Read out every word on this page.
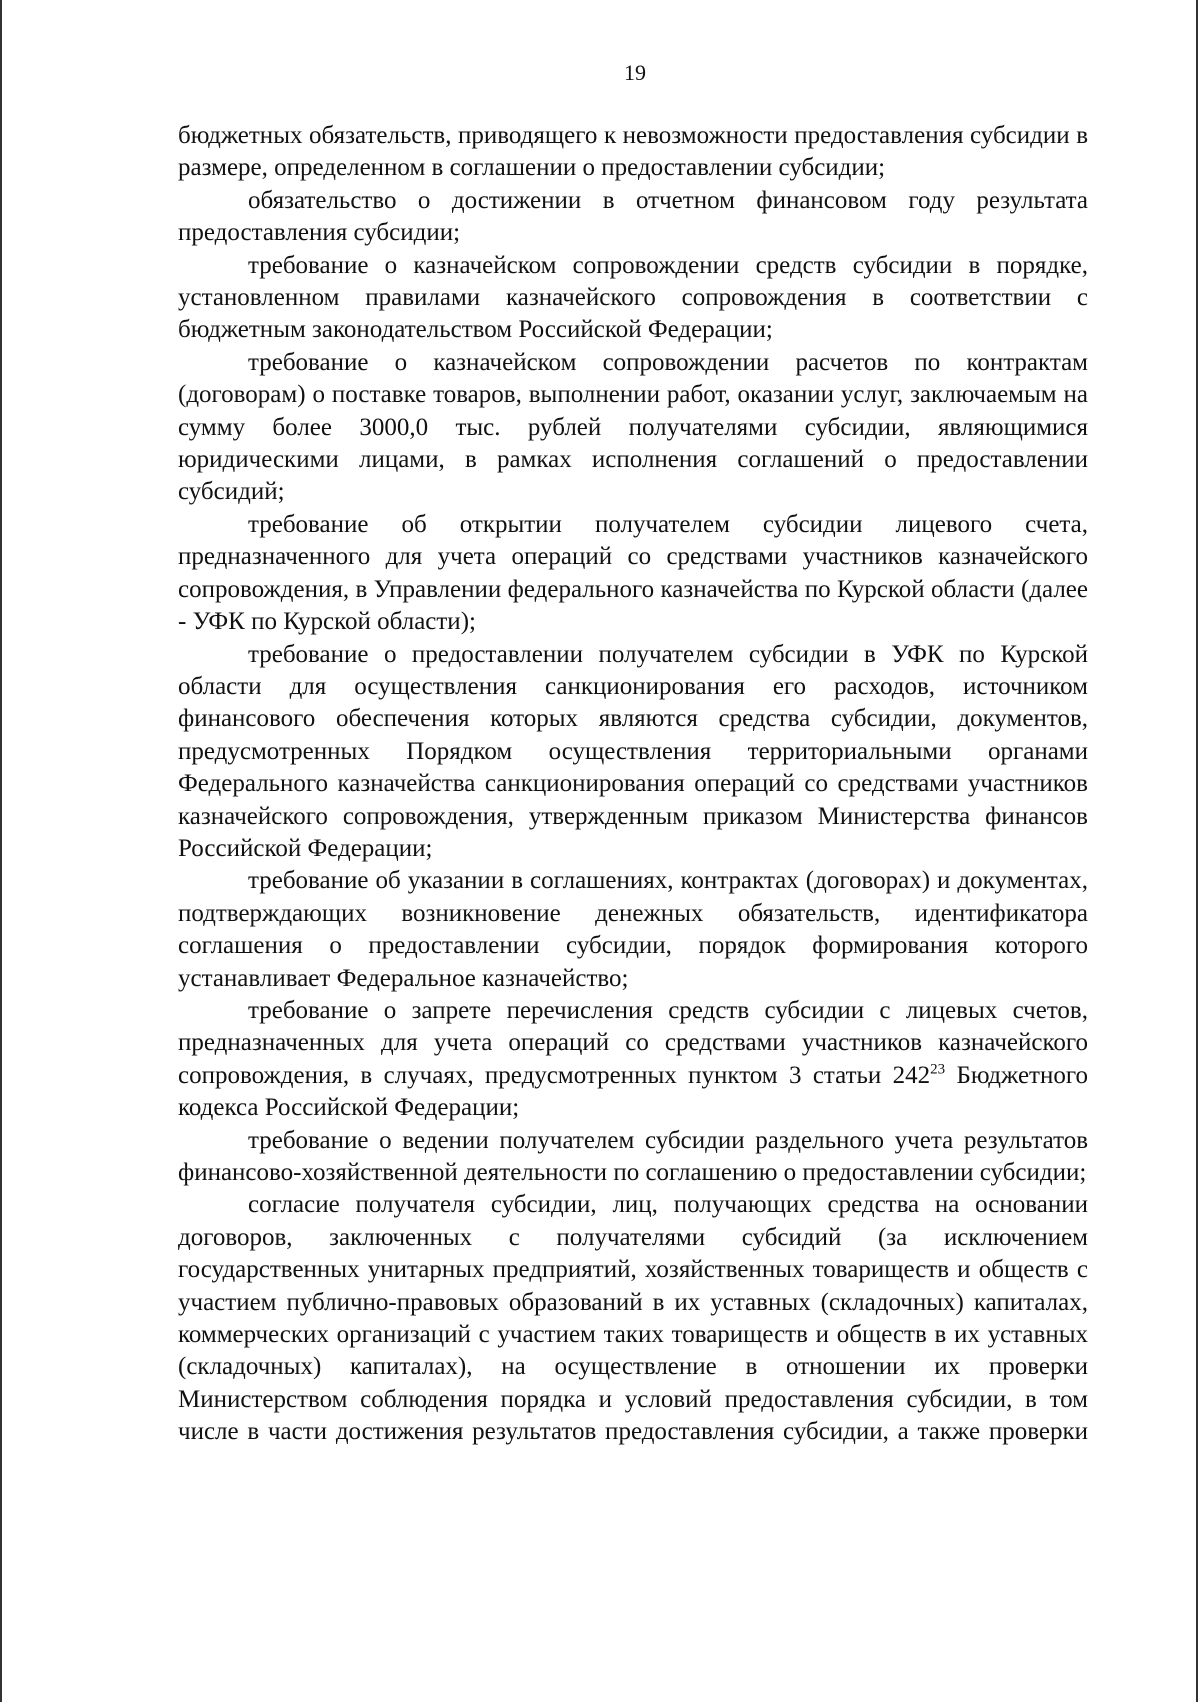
19

бюджетных обязательств, приводящего к невозможности предоставления субсидии в размере, определенном в соглашении о предоставлении субсидии;

обязательство о достижении в отчетном финансовом году результата предоставления субсидии;

требование о казначейском сопровождении средств субсидии в порядке, установленном правилами казначейского сопровождения в соответствии с бюджетным законодательством Российской Федерации;

требование о казначейском сопровождении расчетов по контрактам (договорам) о поставке товаров, выполнении работ, оказании услуг, заключаемым на сумму более 3000,0 тыс. рублей получателями субсидии, являющимися юридическими лицами, в рамках исполнения соглашений о предоставлении субсидий;

требование об открытии получателем субсидии лицевого счета, предназначенного для учета операций со средствами участников казначейского сопровождения, в Управлении федерального казначейства по Курской области (далее - УФК по Курской области);

требование о предоставлении получателем субсидии в УФК по Курской области для осуществления санкционирования его расходов, источником финансового обеспечения которых являются средства субсидии, документов, предусмотренных Порядком осуществления территориальными органами Федерального казначейства санкционирования операций со средствами участников казначейского сопровождения, утвержденным приказом Министерства финансов Российской Федерации;

требование об указании в соглашениях, контрактах (договорах) и документах, подтверждающих возникновение денежных обязательств, идентификатора соглашения о предоставлении субсидии, порядок формирования которого устанавливает Федеральное казначейство;

требование о запрете перечисления средств субсидии с лицевых счетов, предназначенных для учета операций со средствами участников казначейского сопровождения, в случаях, предусмотренных пунктом 3 статьи $242^{23}$ Бюджетного кодекса Российской Федерации;

требование о ведении получателем субсидии раздельного учета результатов финансово-хозяйственной деятельности по соглашению о предоставлении субсидии;

согласие получателя субсидии, лиц, получающих средства на основании договоров, заключенных с получателями субсидий (за исключением государственных унитарных предприятий, хозяйственных товариществ и обществ с участием публично-правовых образований в их уставных (складочных) капиталах, коммерческих организаций с участием таких товариществ и обществ в их уставных (складочных) капиталах), на осуществление в отношении их проверки Министерством соблюдения порядка и условий предоставления субсидии, в том числе в части достижения результатов предоставления субсидии, а также проверки
